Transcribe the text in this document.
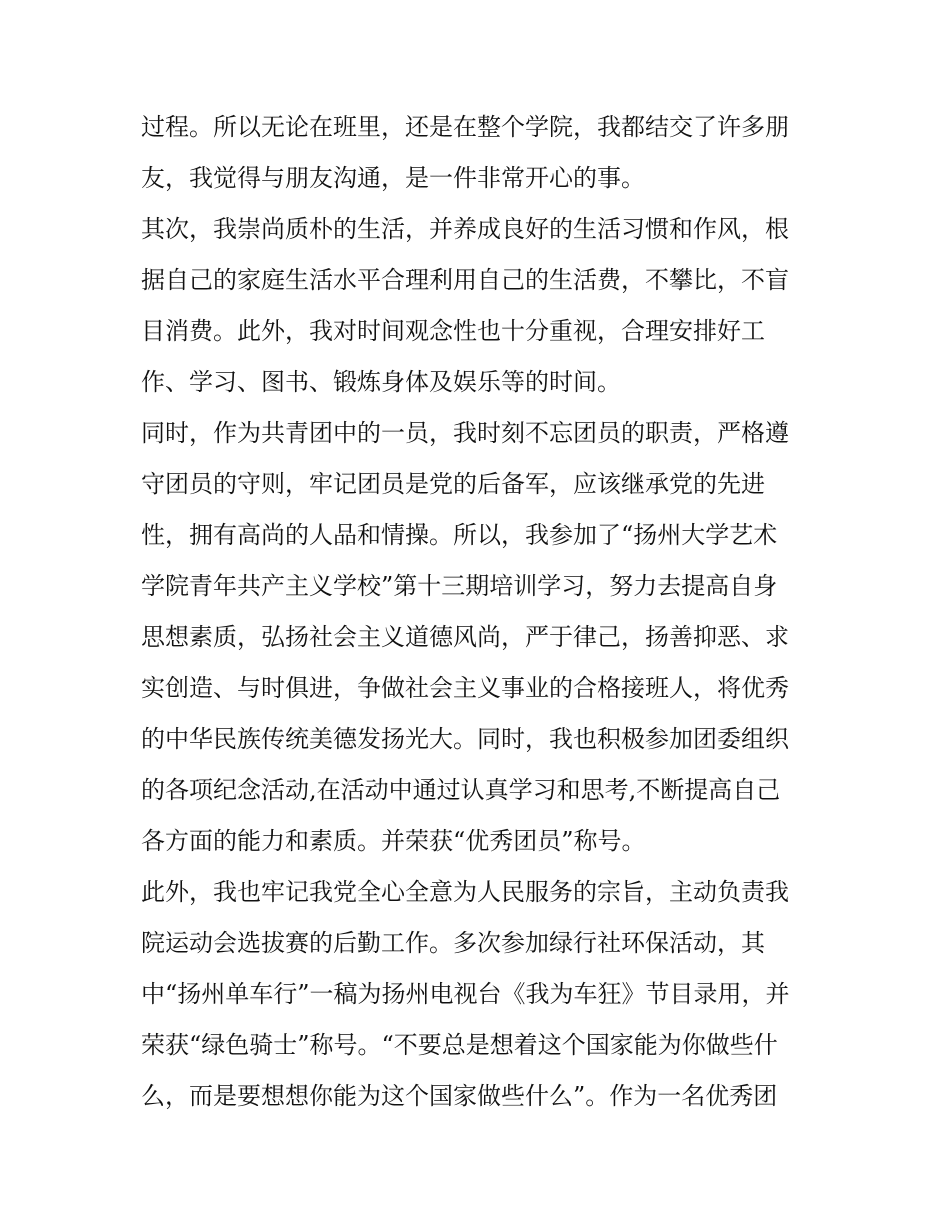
过程。所以无论在班里，还是在整个学院，我都结交了许多朋
友，我觉得与朋友沟通，是一件非常开心的事。
其次，我崇尚质朴的生活，并养成良好的生活习惯和作风，根
据自己的家庭生活水平合理利用自己的生活费，不攀比，不盲
目消费。此外，我对时间观念性也十分重视，合理安排好工
作、学习、图书、锻炼身体及娱乐等的时间。
同时，作为共青团中的一员，我时刻不忘团员的职责，严格遵
守团员的守则，牢记团员是党的后备军，应该继承党的先进
性，拥有高尚的人品和情操。所以，我参加了“扬州大学艺术
学院青年共产主义学校”第十三期培训学习，努力去提高自身
思想素质，弘扬社会主义道德风尚，严于律己，扬善抑恶、求
实创造、与时俱进，争做社会主义事业的合格接班人，将优秀
的中华民族传统美德发扬光大。同时，我也积极参加团委组织
的各项纪念活动,在活动中通过认真学习和思考,不断提高自己
各方面的能力和素质。并荣获“优秀团员”称号。
此外，我也牢记我党全心全意为人民服务的宗旨，主动负责我
院运动会选拔赛的后勤工作。多次参加绿行社环保活动，其
中“扬州单车行”一稿为扬州电视台《我为车狂》节目录用，并
荣获“绿色骑士”称号。“不要总是想着这个国家能为你做些什
么，而是要想想你能为这个国家做些什么”。作为一名优秀团
